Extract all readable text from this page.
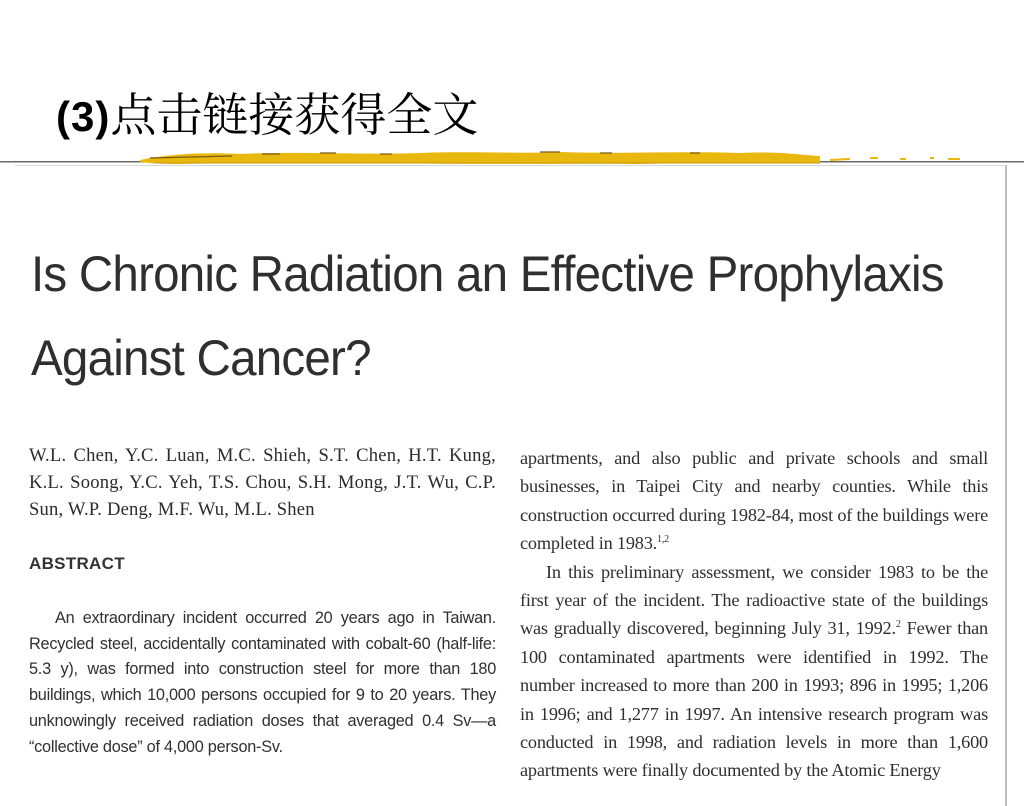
(3)点击链接获得全文
Is Chronic Radiation an Effective Prophylaxis Against Cancer?

W.L. Chen, Y.C. Luan, M.C. Shieh, S.T. Chen, H.T. Kung, K.L. Soong, Y.C. Yeh, T.S. Chou, S.H. Mong, J.T. Wu, C.P. Sun, W.P. Deng, M.F. Wu, M.L. Shen

ABSTRACT

An extraordinary incident occurred 20 years ago in Taiwan. Recycled steel, accidentally contaminated with cobalt-60 (half-life: 5.3 y), was formed into construction steel for more than 180 buildings, which 10,000 persons occupied for 9 to 20 years. They unknowingly received radiation doses that averaged 0.4 Sv—a “collective dose” of 4,000 person-Sv.

apartments, and also public and private schools and small businesses, in Taipei City and nearby counties. While this construction occurred during 1982-84, most of the buildings were completed in 1983.$^{1,2}$

In this preliminary assessment, we consider 1983 to be the first year of the incident. The radioactive state of the buildings was gradually discovered, beginning July 31, 1992.$^2$ Fewer than 100 contaminated apartments were identified in 1992. The number increased to more than 200 in 1993; 896 in 1995; 1,206 in 1996; and 1,277 in 1997. An intensive research program was conducted in 1998, and radiation levels in more than 1,600 apartments were finally documented by the Atomic Energy
